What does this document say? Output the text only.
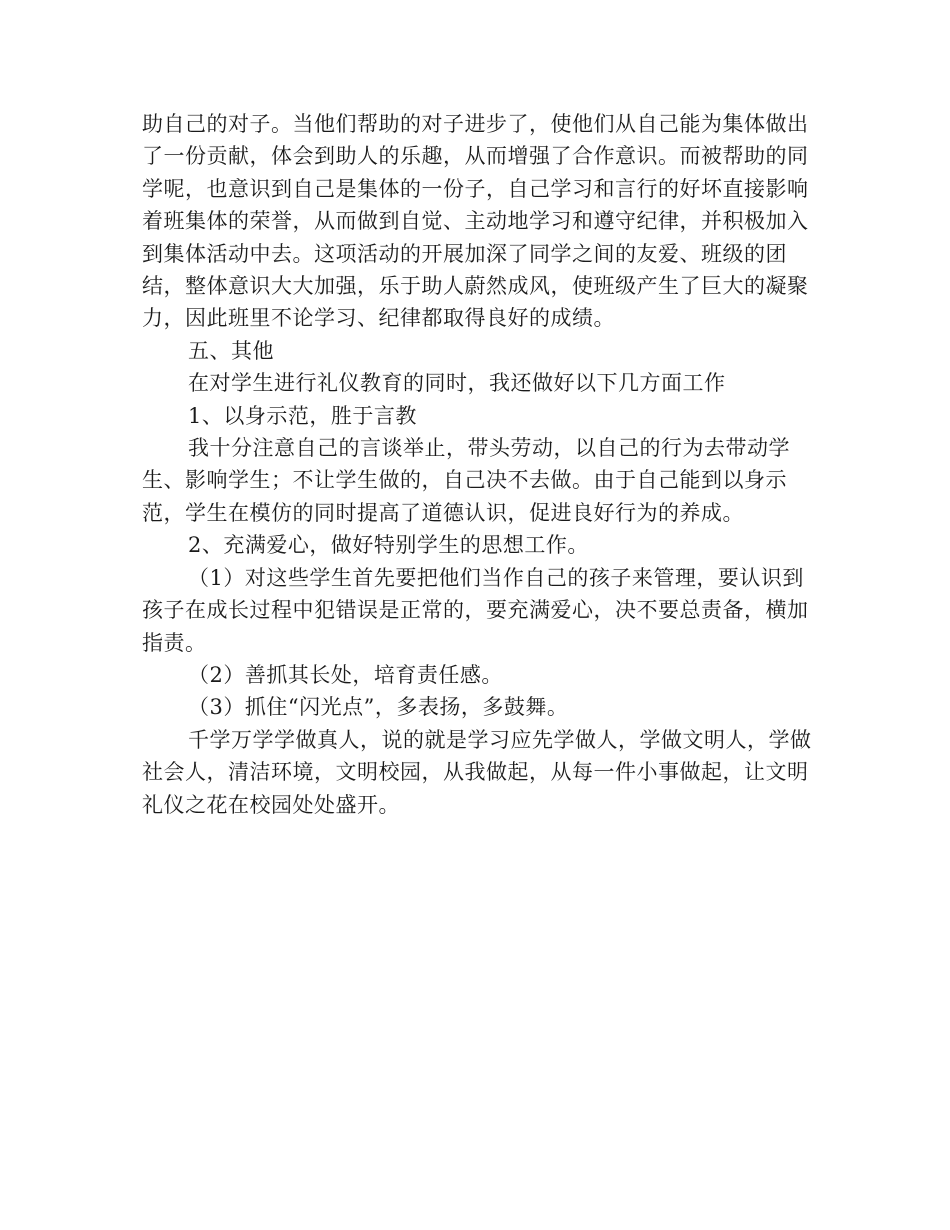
助自己的对子。当他们帮助的对子进步了，使他们从自己能为集体做出了一份贡献，体会到助人的乐趣，从而增强了合作意识。而被帮助的同学呢，也意识到自己是集体的一份子，自己学习和言行的好坏直接影响着班集体的荣誉，从而做到自觉、主动地学习和遵守纪律，并积极加入到集体活动中去。这项活动的开展加深了同学之间的友爱、班级的团结，整体意识大大加强，乐于助人蔚然成风，使班级产生了巨大的凝聚力，因此班里不论学习、纪律都取得良好的成绩。

五、其他

在对学生进行礼仪教育的同时，我还做好以下几方面工作

1、以身示范，胜于言教

我十分注意自己的言谈举止，带头劳动，以自己的行为去带动学生、影响学生；不让学生做的，自己决不去做。由于自己能到以身示范，学生在模仿的同时提高了道德认识，促进良好行为的养成。

2、充满爱心，做好特别学生的思想工作。

（1）对这些学生首先要把他们当作自己的孩子来管理，要认识到孩子在成长过程中犯错误是正常的，要充满爱心，决不要总责备，横加指责。

（2）善抓其长处，培育责任感。

（3）抓住“闪光点”，多表扬，多鼓舞。

千学万学学做真人，说的就是学习应先学做人，学做文明人，学做社会人，清洁环境，文明校园，从我做起，从每一件小事做起，让文明礼仪之花在校园处处盛开。
